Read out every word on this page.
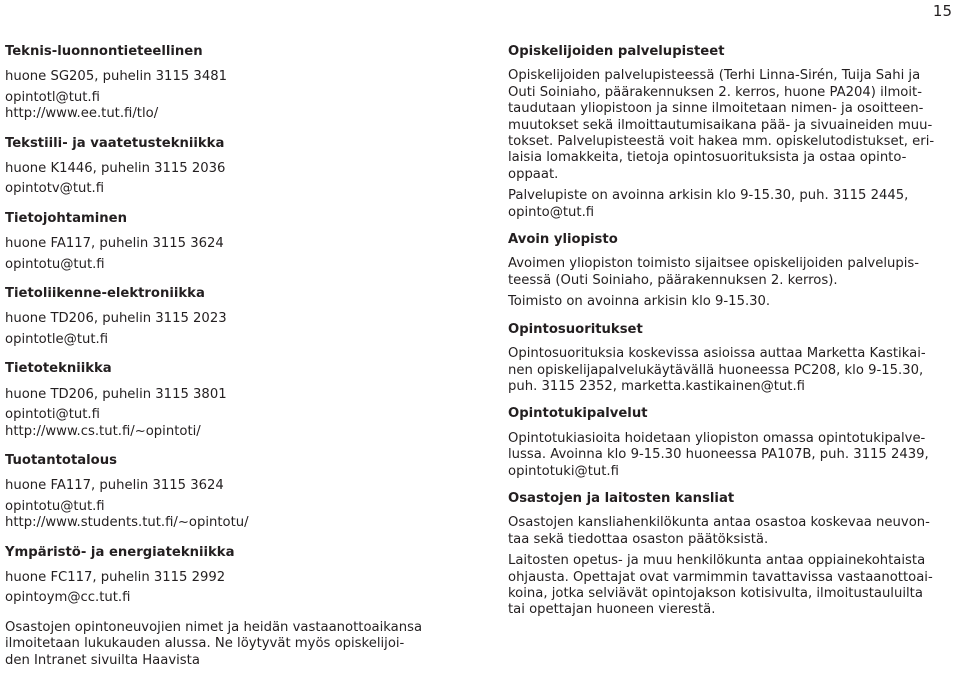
15
Teknis-luonnontieteellinen
huone SG205, puhelin 3115 3481
opintotl@tut.fi
http://www.ee.tut.fi/tlo/
Tekstiili- ja vaatetustekniikka
huone K1446, puhelin 3115 2036
opintotv@tut.fi
Tietojohtaminen
huone FA117, puhelin 3115 3624
opintotu@tut.fi
Tietoliikenne-elektroniikka
huone TD206, puhelin 3115 2023
opintotle@tut.fi
Tietotekniikka
huone TD206, puhelin 3115 3801
opintoti@tut.fi
http://www.cs.tut.fi/~opintoti/
Tuotantotalous
huone FA117, puhelin 3115 3624
opintotu@tut.fi
http://www.students.tut.fi/~opintotu/
Ympäristö- ja energiatekniikka
huone FC117, puhelin 3115 2992
opintoym@cc.tut.fi
Osastojen opintoneuvojien nimet ja heidän vastaanottoaikansa
ilmoitetaan lukukauden alussa. Ne löytyvät myös opiskelijoi-
den Intranet sivuilta Haavista
Opiskelijoiden palvelupisteet
Opiskelijoiden palvelupisteessä (Terhi Linna-Sirén, Tuija Sahi ja
Outi Soiniaho, päärakennuksen 2. kerros, huone PA204) ilmoit-
taudutaan yliopistoon ja sinne ilmoitetaan nimen- ja osoitteen-
muutokset sekä ilmoittautumisaikana pää- ja sivuaineiden muu-
tokset. Palvelupisteestä voit hakea mm. opiskelutodistukset, eri-
laisia lomakkeita, tietoja opintosuorituksista ja ostaa opinto-
oppaat.
Palvelupiste on avoinna arkisin klo 9-15.30, puh. 3115 2445,
opinto@tut.fi
Avoin yliopisto
Avoimen yliopiston toimisto sijaitsee opiskelijoiden palvelupis-
teessä (Outi Soiniaho, päärakennuksen 2. kerros).
Toimisto on avoinna arkisin klo 9-15.30.
Opintosuoritukset
Opintosuorituksia koskevissa asioissa auttaa Marketta Kastikai-
nen opiskelijapalvelukäytävällä huoneessa PC208, klo 9-15.30,
puh. 3115 2352, marketta.kastikainen@tut.fi
Opintotukipalvelut
Opintotukiasioita hoidetaan yliopiston omassa opintotukipalve-
lussa. Avoinna klo 9-15.30 huoneessa PA107B, puh. 3115 2439,
opintotuki@tut.fi
Osastojen ja laitosten kansliat
Osastojen kansliahenkilökunta antaa osastoa koskevaa neuvon-
taa sekä tiedottaa osaston päätöksistä.
Laitosten opetus- ja muu henkilökunta antaa oppiainekohtaista
ohjausta. Opettajat ovat varmimmin tavattavissa vastaanottoai-
koina, jotka selviävät opintojakson kotisivulta, ilmoitustauluilta
tai opettajan huoneen vierestä.
